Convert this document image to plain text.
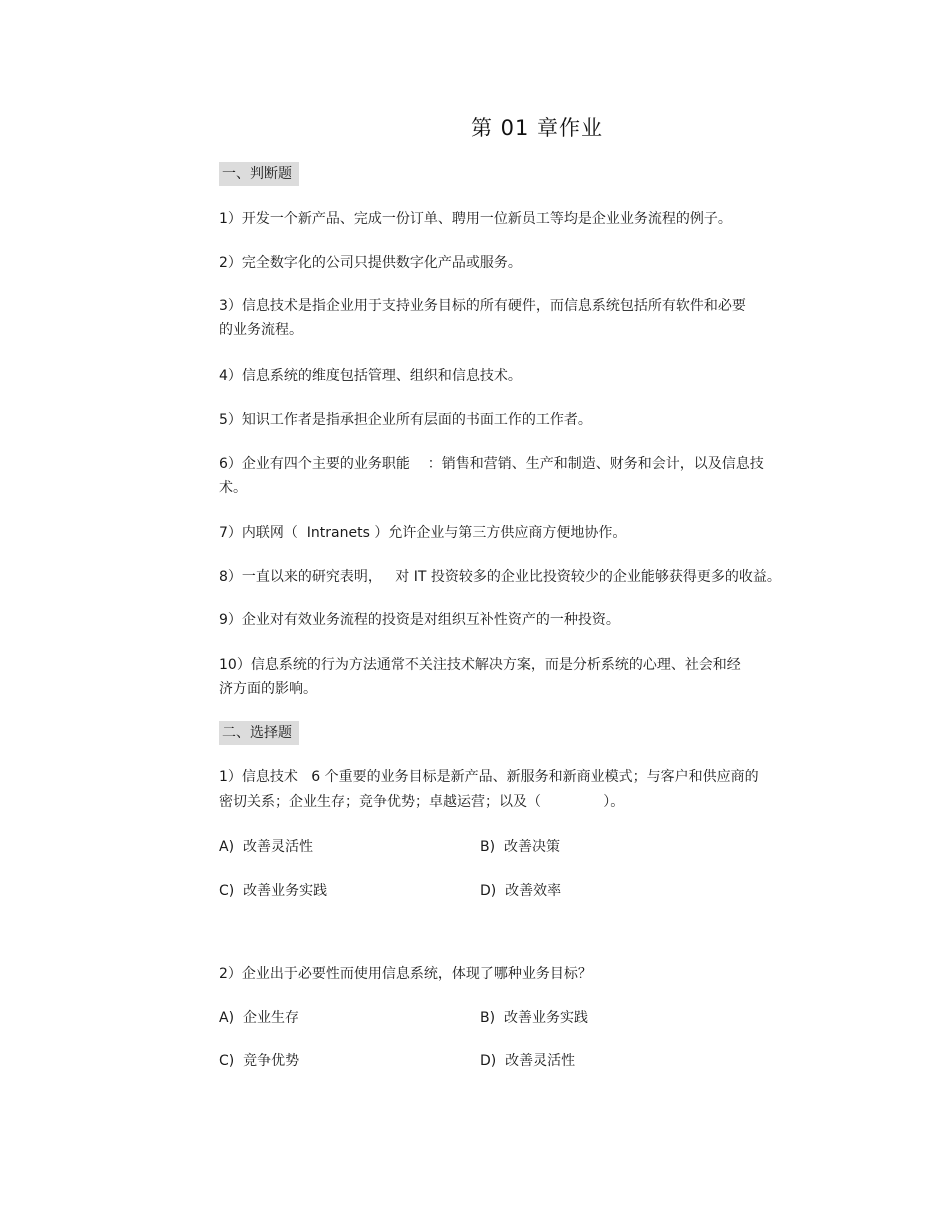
第 01 章作业
一、判断题
1）开发一个新产品、完成一份订单、聘用一位新员工等均是企业业务流程的例子。
2）完全数字化的公司只提供数字化产品或服务。
3）信息技术是指企业用于支持业务目标的所有硬件，而信息系统包括所有软件和必要
的业务流程。
4）信息系统的维度包括管理、组织和信息技术。
5）知识工作者是指承担企业所有层面的书面工作的工作者。
6）企业有四个主要的业务职能    ：销售和营销、生产和制造、财务和会计，以及信息技
术。
7）内联网（  Intranets ）允许企业与第三方供应商方便地协作。
8）一直以来的研究表明，   对 IT 投资较多的企业比投资较少的企业能够获得更多的收益。
9）企业对有效业务流程的投资是对组织互补性资产的一种投资。
10）信息系统的行为方法通常不关注技术解决方案，而是分析系统的心理、社会和经
济方面的影响。
二、选择题
1）信息技术   6 个重要的业务目标是新产品、新服务和新商业模式；与客户和供应商的
密切关系；企业生存；竞争优势；卓越运营；以及（              ）。
A)  改善灵活性	B)  改善决策
C)  改善业务实践	D)  改善效率
2）企业出于必要性而使用信息系统，体现了哪种业务目标？
A)  企业生存	B)  改善业务实践
C)  竞争优势	D)  改善灵活性
